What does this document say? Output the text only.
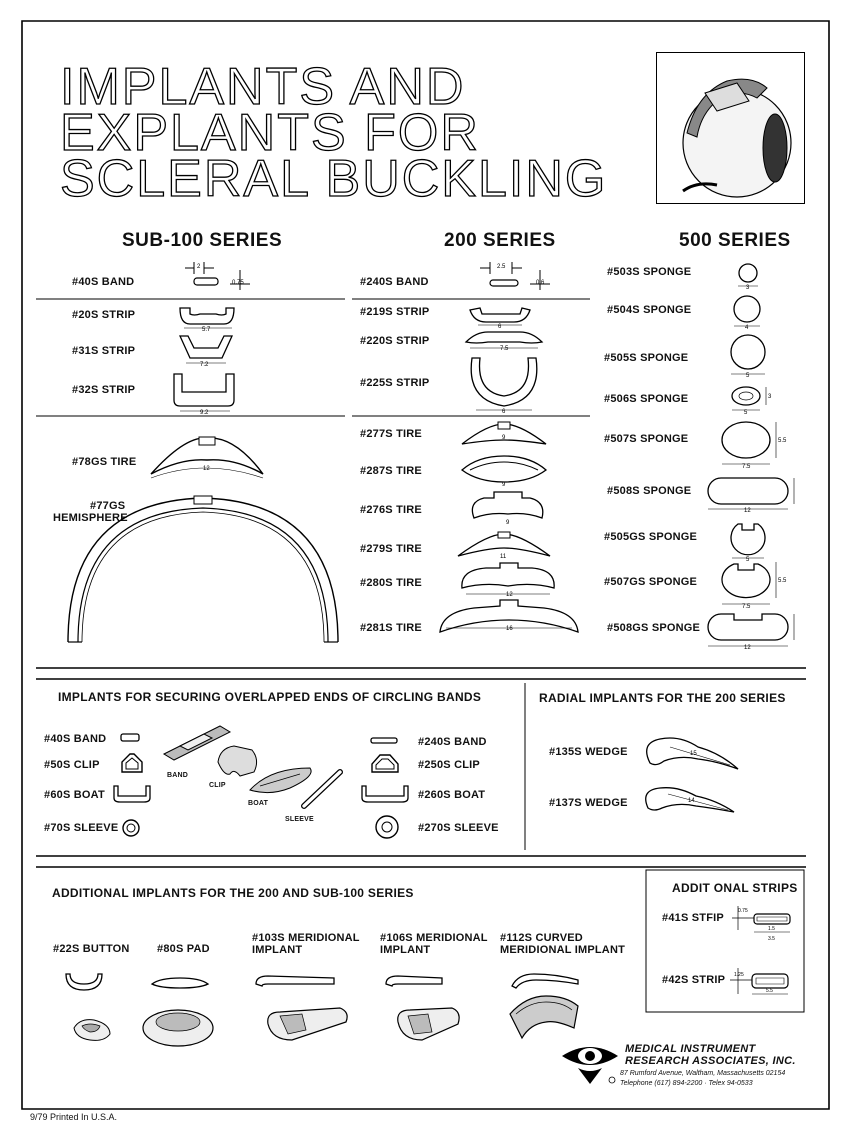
IMPLANTS AND
EXPLANTS FOR
SCLERAL BUCKLING
SUB-100 SERIES	200 SERIES	500 SERIES
#40S BAND
2
0.75
#20S STRIP
5.7
#31S STRIP
7.2
#32S STRIP
9.2
#78GS TIRE
12
#77GS
HEMISPHERE
#240S BAND
2.5
0.6
#219S STRIP
6
#220S STRIP
7.5
#225S STRIP
6
#277S TIRE	9
#287S TIRE
9
#276S TIRE
9
#279S TIRE
11
#280S TIRE
12
#281S TIRE	16
#503S SPONGE
3
#504S SPONGE
4
#505S SPONGE
5
#506S SPONGE
5
3
#507S SPONGE
7.5
5.5
#508S SPONGE
12
#505GS SPONGE
5
#507GS SPONGE
7.5
5.5
#508GS SPONGE
12
IMPLANTS FOR SECURING OVERLAPPED ENDS OF CIRCLING BANDS
#40S BAND
#50S CLIP
#60S BOAT
#70S SLEEVE
BAND
CLIP
BOAT
SLEEVE
#240S BAND
#250S CLIP
#260S BOAT
#270S SLEEVE
RADIAL IMPLANTS FOR THE 200 SERIES
#135S WEDGE	15
#137S WEDGE	14
ADDITIONAL IMPLANTS FOR THE 200 AND SUB-100 SERIES
#22S BUTTON #80S PAD
#103S MERIDIONAL
IMPLANT
#106S MERIDIONAL
IMPLANT
#112S CURVED
MERIDIONAL IMPLANT
ADDIT ONAL STRIPS
#41S STFIP
0.75
1.5
3.5
#42S STRIP 1.25
5.5
MEDICAL INSTRUMENT
RESEARCH ASSOCIATES, INC.
87 Rumford Avenue, Waltham, Massachusetts 02154
Telephone (617) 894-2200 · Telex 94-0533
9/79 Printed In U.S.A.
